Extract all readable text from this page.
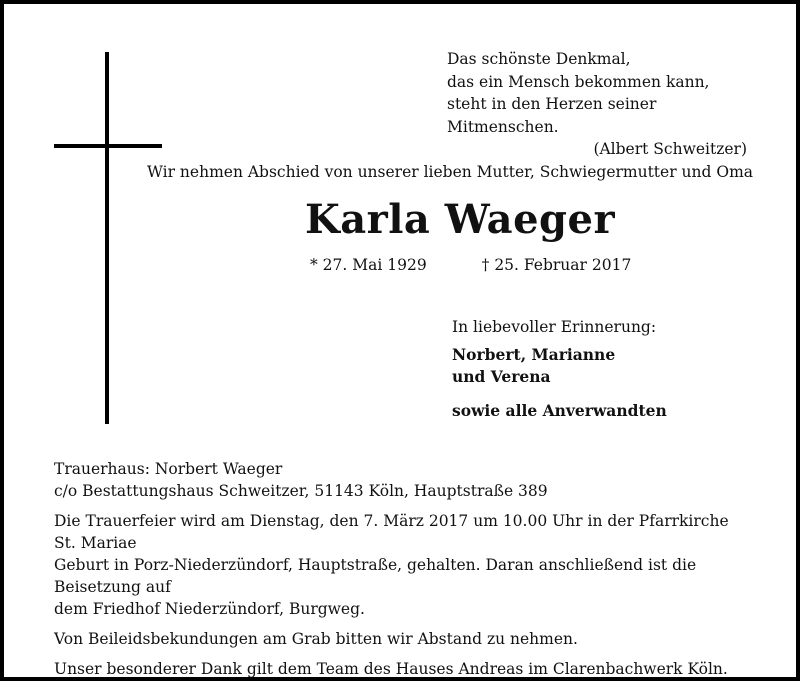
Das schönste Denkmal,
das ein Mensch bekommen kann,
steht in den Herzen seiner Mitmenschen.
(Albert Schweitzer)
Wir nehmen Abschied von unserer lieben Mutter, Schwiegermutter und Oma
Karla Waeger
* 27. Mai 1929	† 25. Februar 2017
In liebevoller Erinnerung:
Norbert, Marianne
und Verena
sowie alle Anverwandten

Trauerhaus: Norbert Waeger

c/o Bestattungshaus Schweitzer, 51143 Köln, Hauptstraße 389

Die Trauerfeier wird am Dienstag, den 7. März 2017 um 10.00 Uhr in der Pfarrkirche St. Mariae

Geburt in Porz-Niederzündorf, Hauptstraße, gehalten. Daran anschließend ist die Beisetzung auf

dem Friedhof Niederzündorf, Burgweg.

Von Beileidsbekundungen am Grab bitten wir Abstand zu nehmen.

Unser besonderer Dank gilt dem Team des Hauses Andreas im Clarenbachwerk Köln.
